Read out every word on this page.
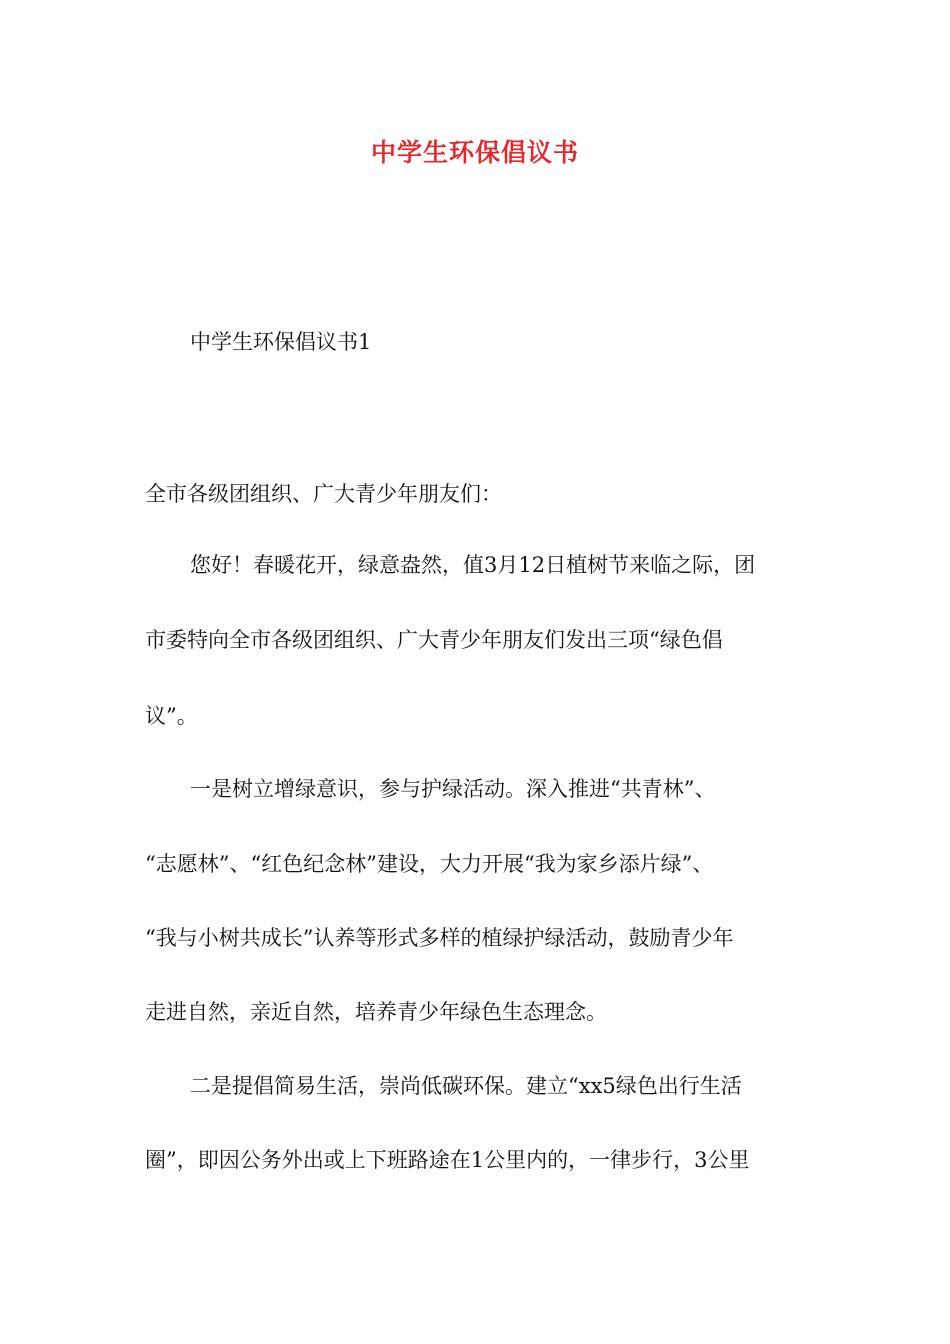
中学生环保倡议书
中学生环保倡议书1
全市各级团组织、广大青少年朋友们：
您好！春暖花开，绿意盎然，值3月12日植树节来临之际，团
市委特向全市各级团组织、广大青少年朋友们发出三项“绿色倡
议”。
一是树立增绿意识，参与护绿活动。深入推进“共青林”、
“志愿林”、“红色纪念林”建设，大力开展“我为家乡添片绿”、
“我与小树共成长”认养等形式多样的植绿护绿活动，鼓励青少年
走进自然，亲近自然，培养青少年绿色生态理念。
二是提倡简易生活，崇尚低碳环保。建立“xx5绿色出行生活
圈”，即因公务外出或上下班路途在1公里内的，一律步行，3公里
